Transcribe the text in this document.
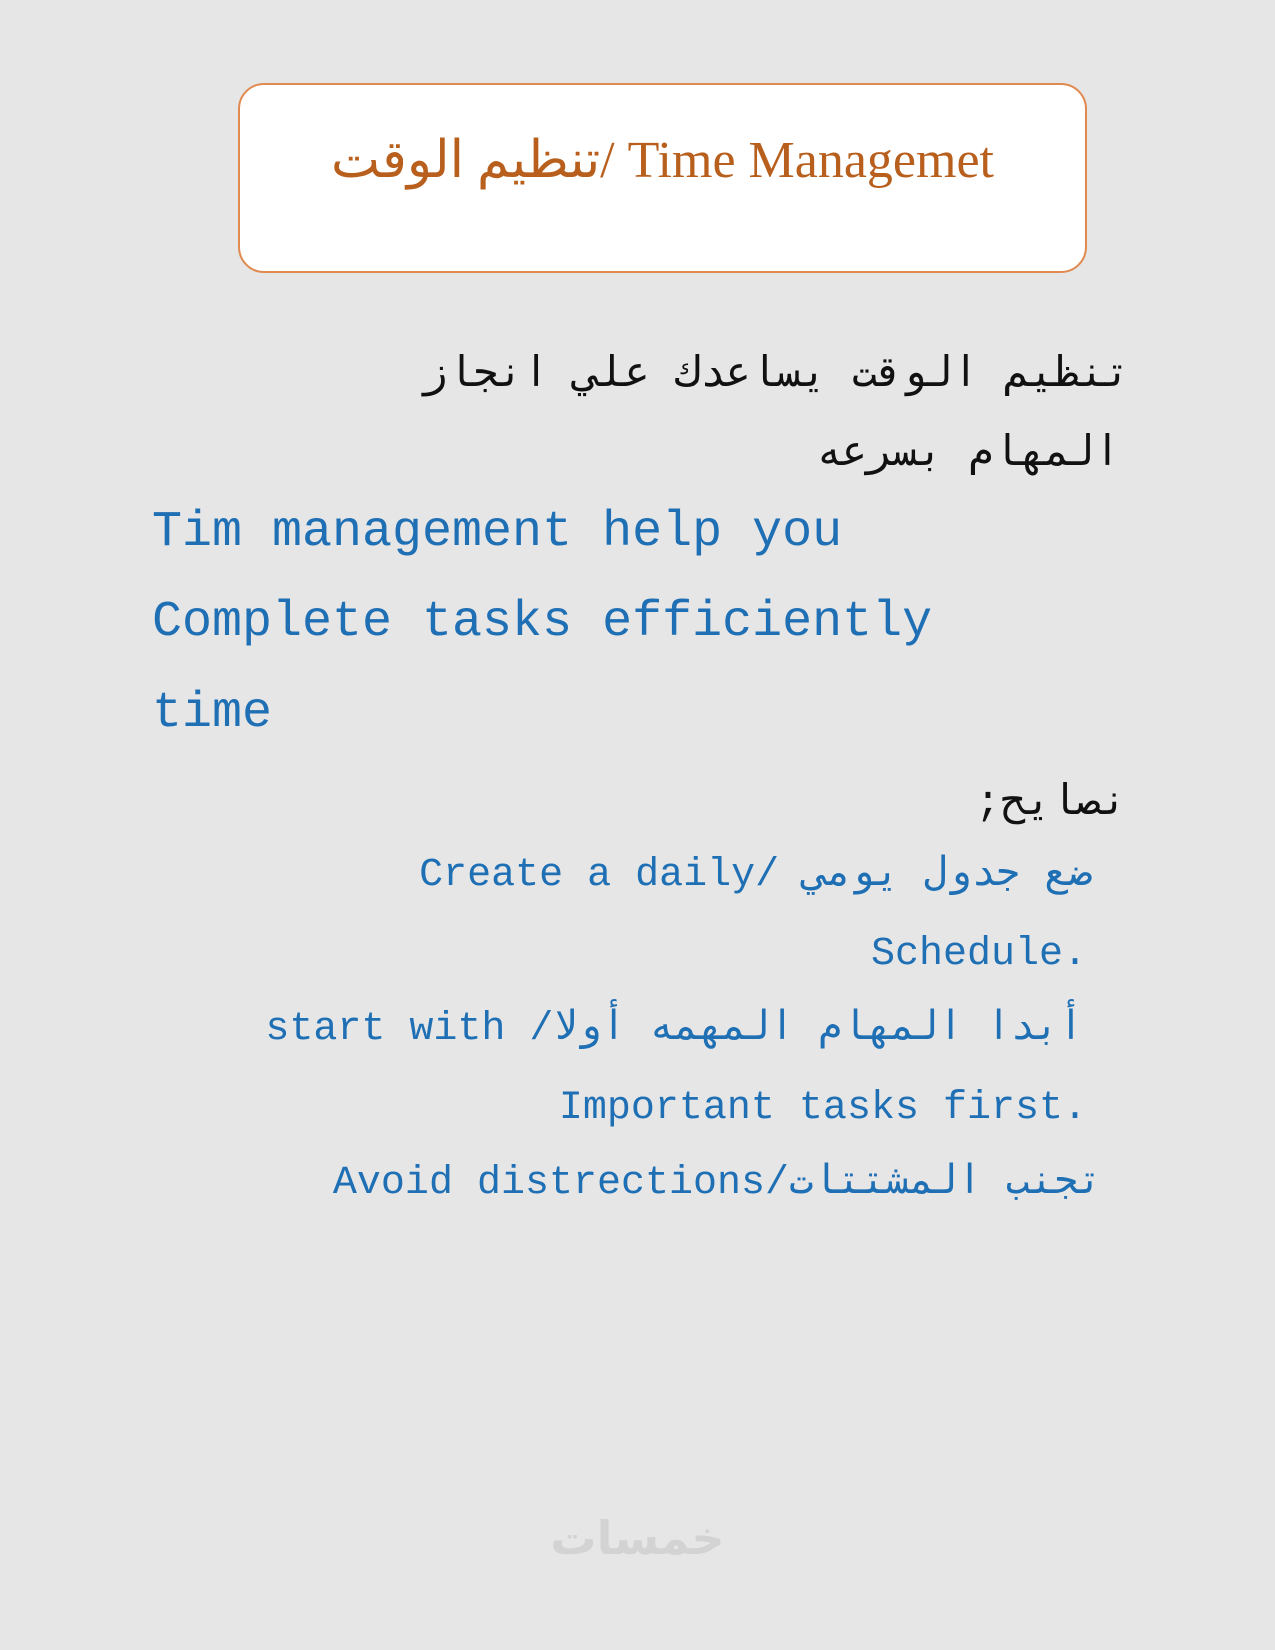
Time Managemet /تنظيم الوقت
تنظيم الوقت يساعدك علي انجاز
المهام بسرعه
Tim management help you
Complete tasks efficiently
time
نصايح;
ضع جدول يومي /Create a daily
.Schedule
أبدا المهام المهمه أولا/ start with
.Important tasks first
تجنب المشتتات/Avoid distrections
خمسات
